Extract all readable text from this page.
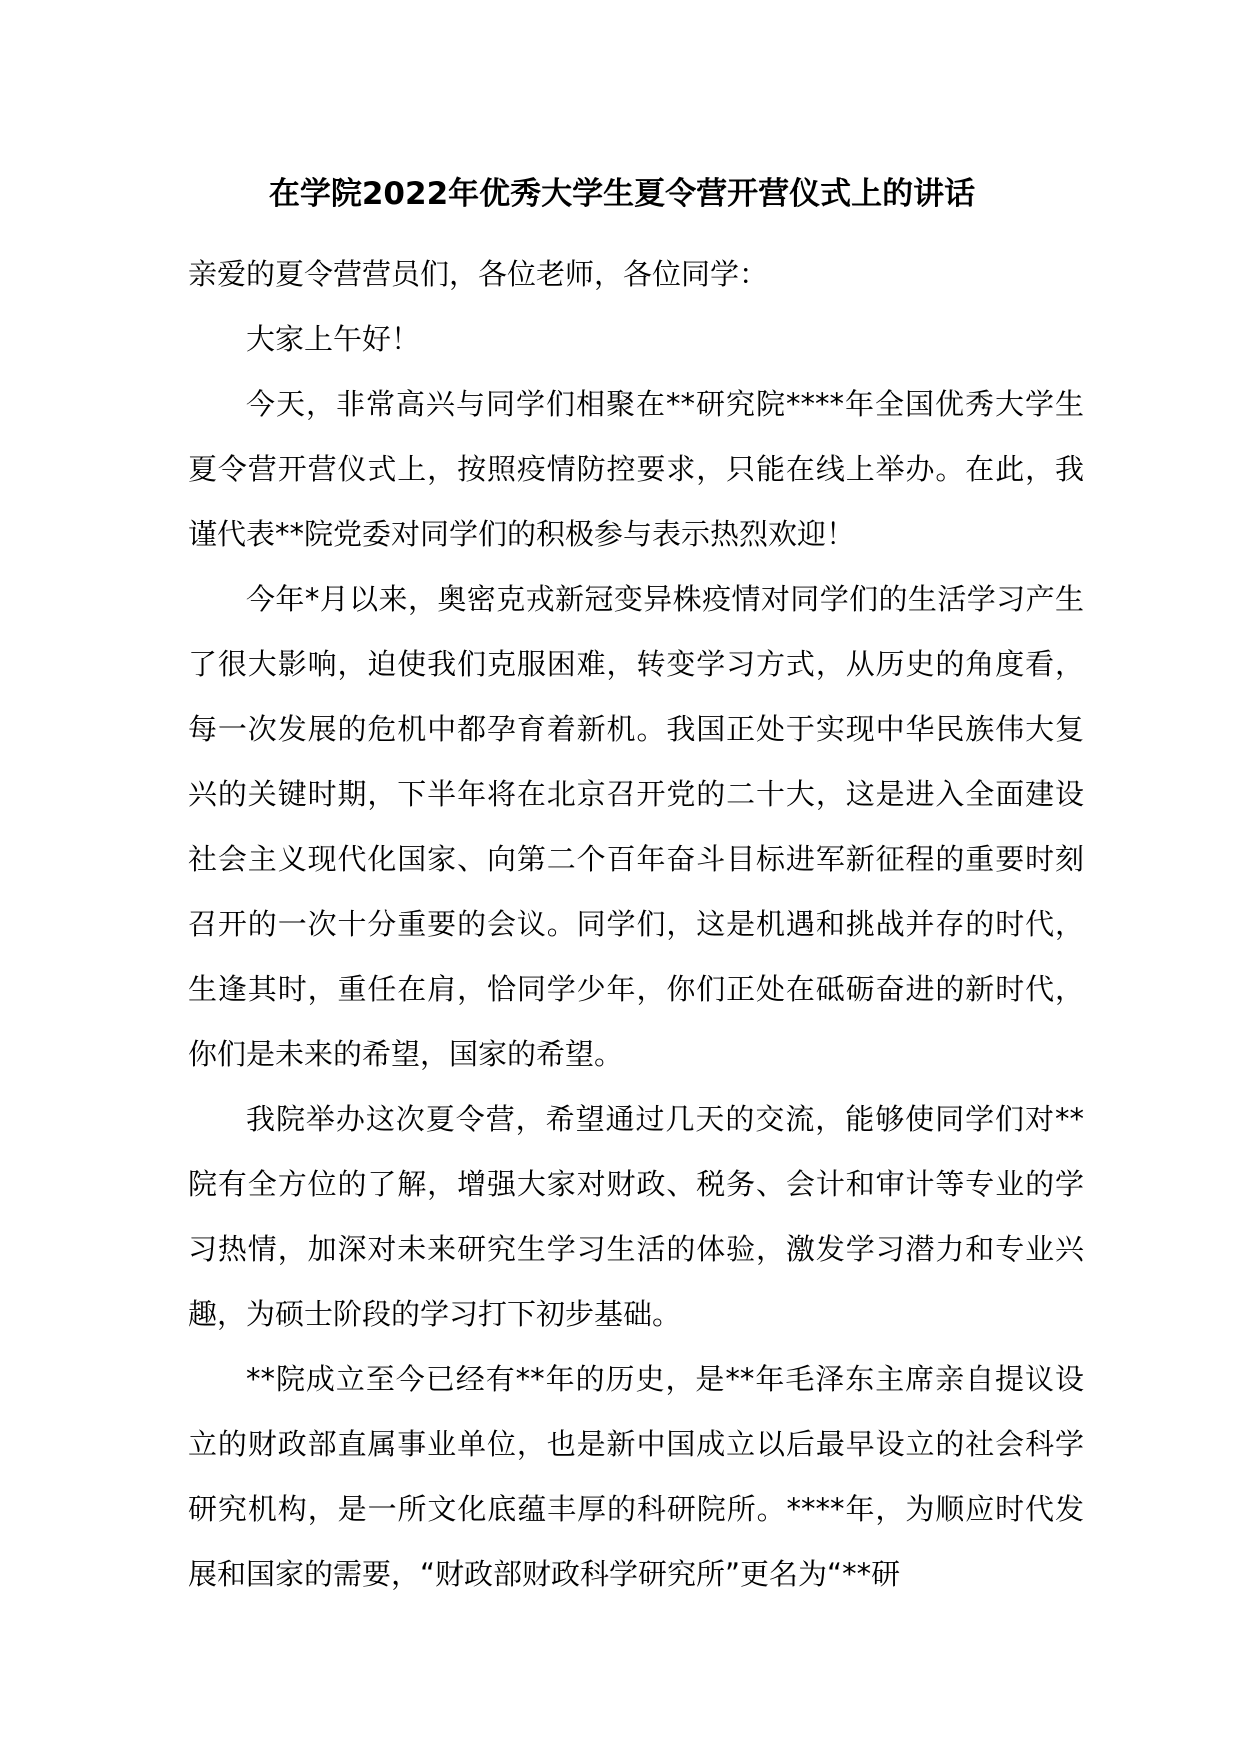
在学院2022年优秀大学生夏令营开营仪式上的讲话

亲爱的夏令营营员们，各位老师，各位同学：

大家上午好！

今天，非常高兴与同学们相聚在**研究院****年全国优秀大学生夏令营开营仪式上，按照疫情防控要求，只能在线上举办。在此，我谨代表**院党委对同学们的积极参与表示热烈欢迎！

今年*月以来，奥密克戎新冠变异株疫情对同学们的生活学习产生了很大影响，迫使我们克服困难，转变学习方式，从历史的角度看，每一次发展的危机中都孕育着新机。我国正处于实现中华民族伟大复兴的关键时期，下半年将在北京召开党的二十大，这是进入全面建设社会主义现代化国家、向第二个百年奋斗目标进军新征程的重要时刻召开的一次十分重要的会议。同学们，这是机遇和挑战并存的时代，生逢其时，重任在肩，恰同学少年，你们正处在砥砺奋进的新时代，你们是未来的希望，国家的希望。

我院举办这次夏令营，希望通过几天的交流，能够使同学们对**院有全方位的了解，增强大家对财政、税务、会计和审计等专业的学习热情，加深对未来研究生学习生活的体验，激发学习潜力和专业兴趣，为硕士阶段的学习打下初步基础。

**院成立至今已经有**年的历史，是**年毛泽东主席亲自提议设立的财政部直属事业单位，也是新中国成立以后最早设立的社会科学研究机构，是一所文化底蕴丰厚的科研院所。****年，为顺应时代发展和国家的需要，“财政部财政科学研究所”更名为“**研
